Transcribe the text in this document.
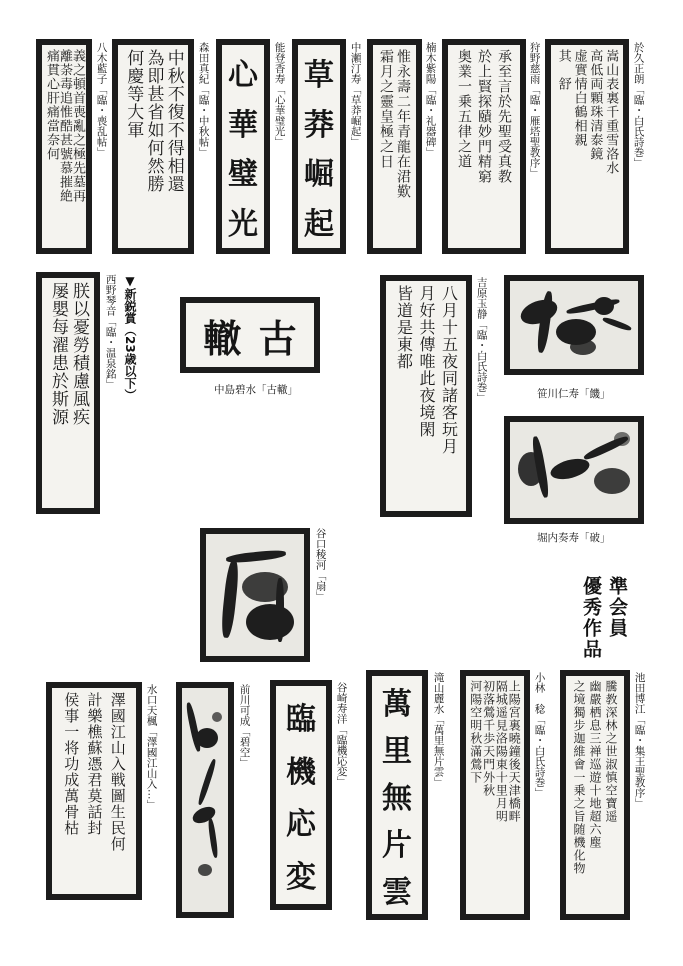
嵩山表裏千重雪洛水
高低両顆珠清泰鏡
虚實情白鶴相親
其　舒	於久正朗「臨・白氏詩巻」
承至言於先聖受真教
於上賢探賾妙門精窮
奥業一乗五律之道	狩野慈雨「臨・雁塔聖教序」
惟永壽二年青龍在涒歎
霜月之靈皇極之日	楠木紫陽「臨・礼器碑」
草
莽
崛
起
中瀬汀寿「草莽崛起」
心
華
璧
光
能登香寿「心華璧光」
中秋不復不得相還
為即甚省如何然勝
何慶等大軍	森田真紀「臨・中秋帖」
義之頓首喪亂之極先墓再
離荼毒追惟酷甚號慕摧絶
痛貫心肝痛當奈何	八木藍子「臨・喪乱帖」
朕以憂勞積慮風疾
屡嬰每濯患於斯源	西野琴音「臨・温泉銘」 ▼新鋭賞（23歳以下）	古
轍
中島碧水「古轍」	八月十五夜同諸客玩月
月好共傳唯此夜境閑
皆道是東都	吉原玉静「臨・白氏詩巻」	笹川仁寿「饑」
堀内奏寿「破」
谷口稜河「扇」
準会員
優秀作品
騰教深林之世淑慎空寶遥
幽嚴栖息三禅巡遊十地超六塵
之境獨步迦維會一乗之旨随機化物	池田博江「臨・集王聖教序」
上陽宮裏曉鐘後天津橋畔
隔城遥見洛陽東十里月明
初落鶯千歩天門外秋
河陽空明秋滿鶯下	小林　稔「臨・白氏詩巻」
萬
里
無
片
雲
滝山麗水「萬里無片雲」
臨
機
応
変
谷崎寿洋「臨機応変」
前川可成「碧空」
澤國江山入戦圖生民何
計樂樵蘇憑君莫話封
侯事一将功成萬骨枯	水口天楓「澤國江山入…」
